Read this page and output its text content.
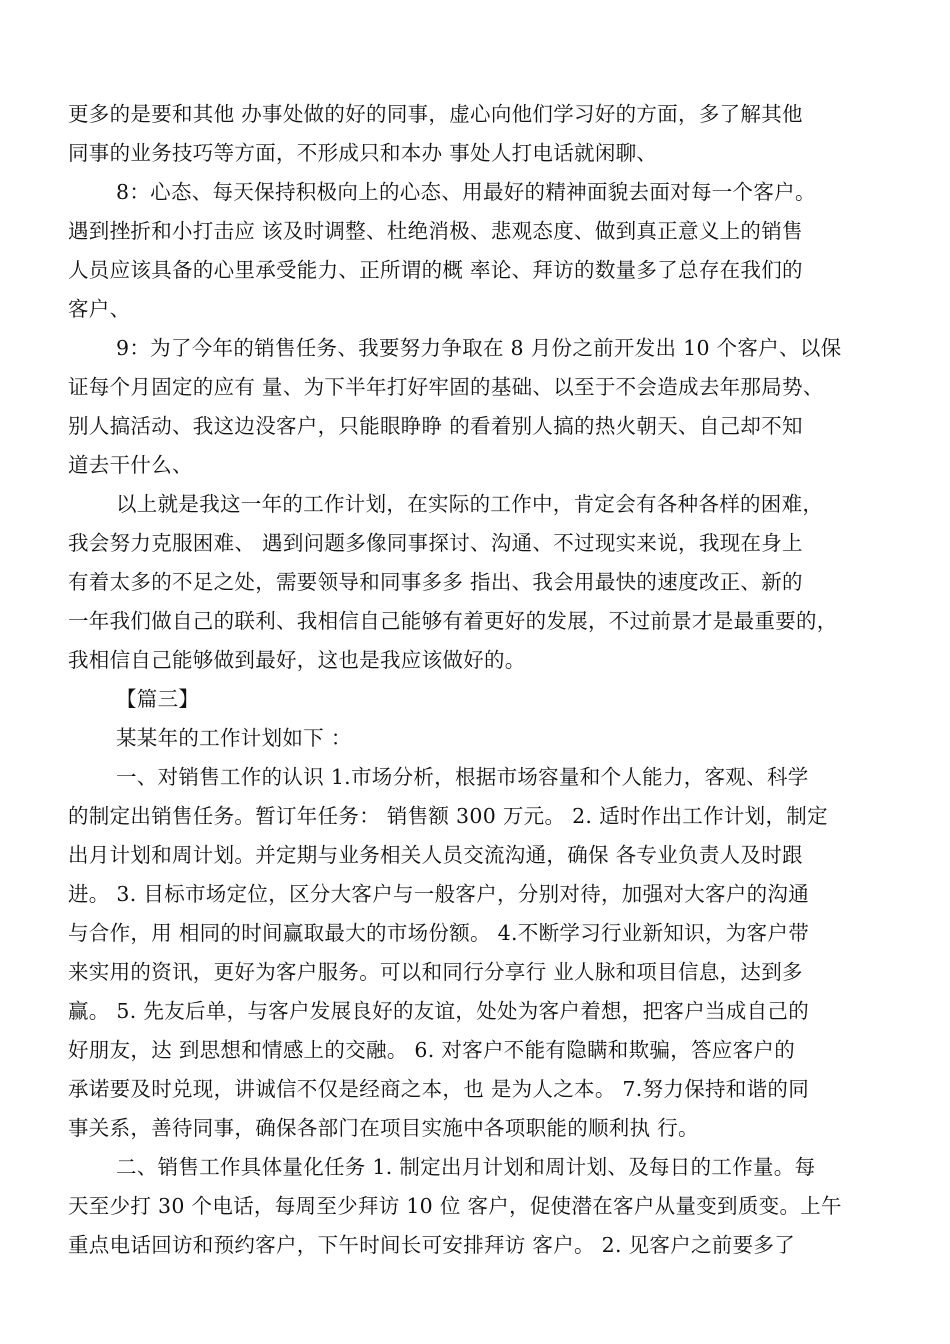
更多的是要和其他 办事处做的好的同事，虚心向他们学习好的方面，多了解其他
同事的业务技巧等方面，不形成只和本办 事处人打电话就闲聊、
8：心态、每天保持积极向上的心态、用最好的精神面貌去面对每一个客户。
遇到挫折和小打击应 该及时调整、杜绝消极、悲观态度、做到真正意义上的销售
人员应该具备的心里承受能力、正所谓的概 率论、拜访的数量多了总存在我们的
客户、
9：为了今年的销售任务、我要努力争取在 8 月份之前开发出 10 个客户、以保
证每个月固定的应有 量、为下半年打好牢固的基础、以至于不会造成去年那局势、
别人搞活动、我这边没客户，只能眼睁睁 的看着别人搞的热火朝天、自己却不知
道去干什么、
以上就是我这一年的工作计划，在实际的工作中，肯定会有各种各样的困难，
我会努力克服困难、 遇到问题多像同事探讨、沟通、不过现实来说，我现在身上
有着太多的不足之处，需要领导和同事多多 指出、我会用最快的速度改正、新的
一年我们做自己的联利、我相信自己能够有着更好的发展，不过前景才是最重要的，
我相信自己能够做到最好，这也是我应该做好的。
【篇三】
某某年的工作计划如下 ：
一、对销售工作的认识 1.市场分析，根据市场容量和个人能力，客观、科学
的制定出销售任务。暂订年任务： 销售额 300 万元。 2. 适时作出工作计划，制定
出月计划和周计划。并定期与业务相关人员交流沟通，确保 各专业负责人及时跟
进。 3. 目标市场定位，区分大客户与一般客户，分别对待，加强对大客户的沟通
与合作，用 相同的时间赢取最大的市场份额。 4.不断学习行业新知识，为客户带
来实用的资讯，更好为客户服务。可以和同行分享行 业人脉和项目信息，达到多
赢。 5. 先友后单，与客户发展良好的友谊，处处为客户着想，把客户当成自己的
好朋友，达 到思想和情感上的交融。 6. 对客户不能有隐瞒和欺骗，答应客户的
承诺要及时兑现，讲诚信不仅是经商之本，也 是为人之本。 7.努力保持和谐的同
事关系，善待同事，确保各部门在项目实施中各项职能的顺利执 行。
二、销售工作具体量化任务 1. 制定出月计划和周计划、及每日的工作量。每
天至少打 30 个电话，每周至少拜访 10 位 客户，促使潜在客户从量变到质变。上午
重点电话回访和预约客户，下午时间长可安排拜访 客户。 2. 见客户之前要多了
